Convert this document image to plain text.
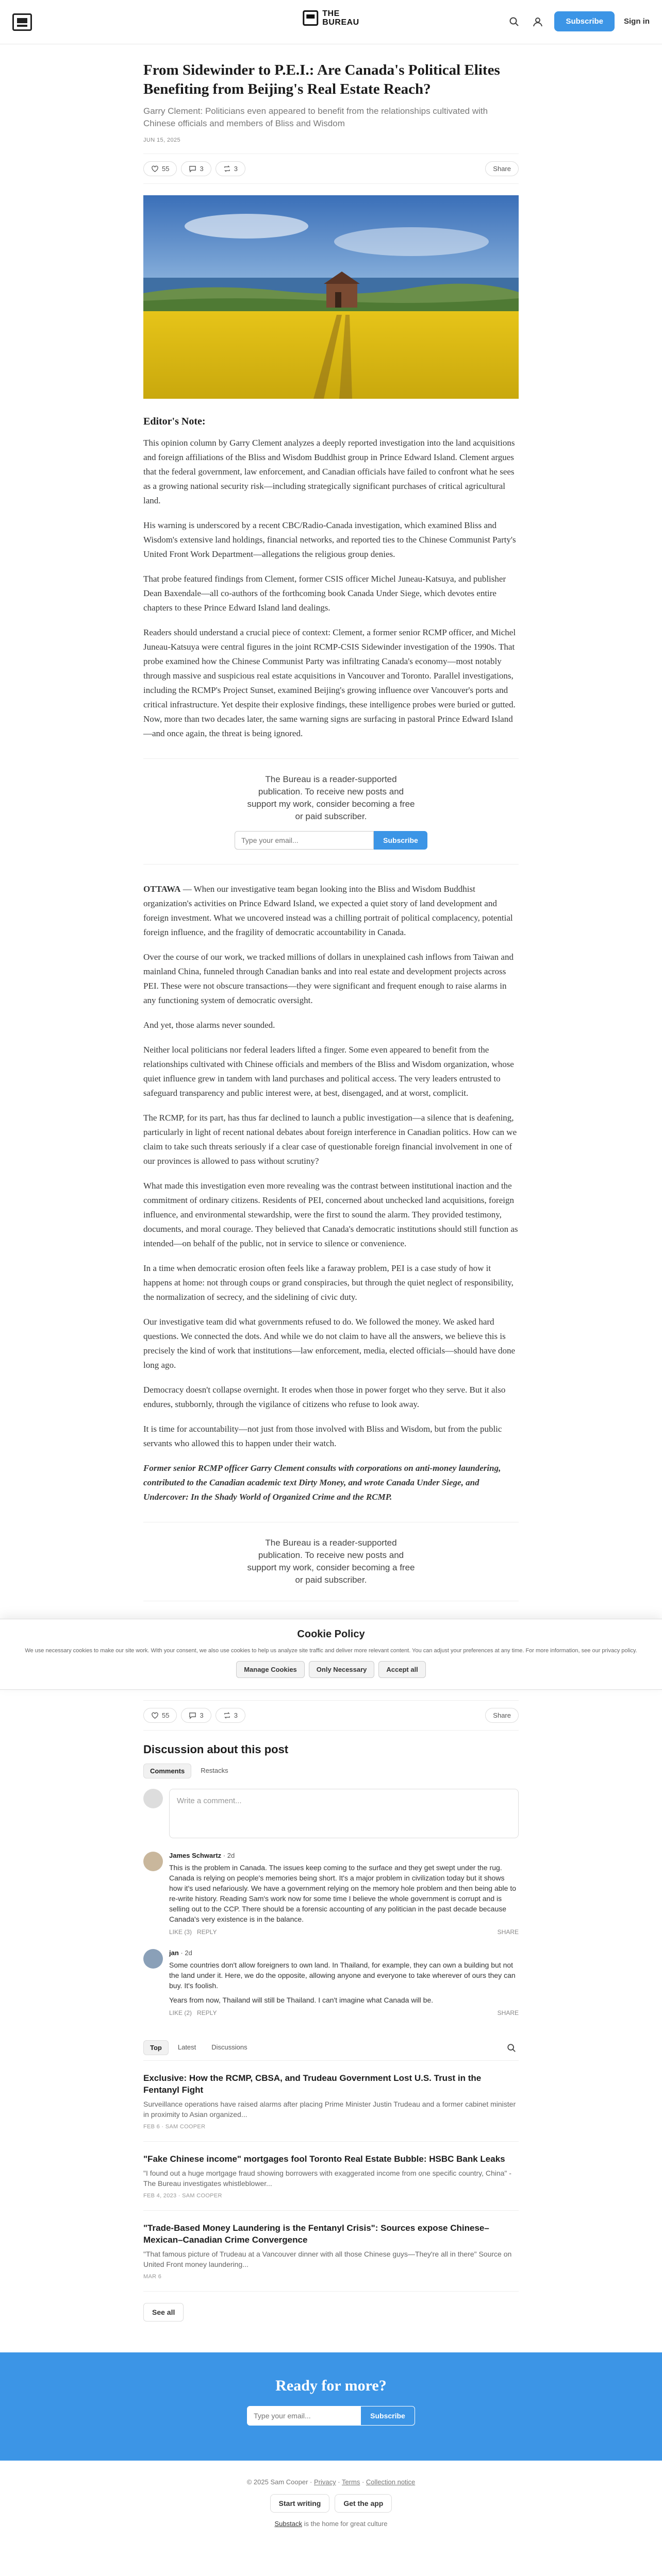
THE
BUREAU	Subscribe	Sign in
From Sidewinder to P.E.I.: Are Canada's Political Elites Benefiting from Beijing's Real Estate Reach?
Garry Clement: Politicians even appeared to benefit from the relationships cultivated with Chinese officials and members of Bliss and Wisdom
JUN 15, 2025
55	3	3	Share
Editor's Note:

This opinion column by Garry Clement analyzes a deeply reported investigation into the land acquisitions and foreign affiliations of the Bliss and Wisdom Buddhist group in Prince Edward Island. Clement argues that the federal government, law enforcement, and Canadian officials have failed to confront what he sees as a growing national security risk—including strategically significant purchases of critical agricultural land.

His warning is underscored by a recent CBC/Radio-Canada investigation, which examined Bliss and Wisdom's extensive land holdings, financial networks, and reported ties to the Chinese Communist Party's United Front Work Department—allegations the religious group denies.

That probe featured findings from Clement, former CSIS officer Michel Juneau-Katsuya, and publisher Dean Baxendale—all co-authors of the forthcoming book Canada Under Siege, which devotes entire chapters to these Prince Edward Island land dealings.

Readers should understand a crucial piece of context: Clement, a former senior RCMP officer, and Michel Juneau-Katsuya were central figures in the joint RCMP-CSIS Sidewinder investigation of the 1990s. That probe examined how the Chinese Communist Party was infiltrating Canada's economy—most notably through massive and suspicious real estate acquisitions in Vancouver and Toronto. Parallel investigations, including the RCMP's Project Sunset, examined Beijing's growing influence over Vancouver's ports and critical infrastructure. Yet despite their explosive findings, these intelligence probes were buried or gutted. Now, more than two decades later, the same warning signs are surfacing in pastoral Prince Edward Island—and once again, the threat is being ignored.

The Bureau is a reader-supported publication. To receive new posts and support my work, consider becoming a free or paid subscriber.
Type your email...
Subscribe

OTTAWA — When our investigative team began looking into the Bliss and Wisdom Buddhist organization's activities on Prince Edward Island, we expected a quiet story of land development and foreign investment. What we uncovered instead was a chilling portrait of political complacency, potential foreign influence, and the fragility of democratic accountability in Canada.

Over the course of our work, we tracked millions of dollars in unexplained cash inflows from Taiwan and mainland China, funneled through Canadian banks and into real estate and development projects across PEI. These were not obscure transactions—they were significant and frequent enough to raise alarms in any functioning system of democratic oversight.

And yet, those alarms never sounded.

Neither local politicians nor federal leaders lifted a finger. Some even appeared to benefit from the relationships cultivated with Chinese officials and members of the Bliss and Wisdom organization, whose quiet influence grew in tandem with land purchases and political access. The very leaders entrusted to safeguard transparency and public interest were, at best, disengaged, and at worst, complicit.

The RCMP, for its part, has thus far declined to launch a public investigation—a silence that is deafening, particularly in light of recent national debates about foreign interference in Canadian politics. How can we claim to take such threats seriously if a clear case of questionable foreign financial involvement in one of our provinces is allowed to pass without scrutiny?

What made this investigation even more revealing was the contrast between institutional inaction and the commitment of ordinary citizens. Residents of PEI, concerned about unchecked land acquisitions, foreign influence, and environmental stewardship, were the first to sound the alarm. They provided testimony, documents, and moral courage. They believed that Canada's democratic institutions should still function as intended—on behalf of the public, not in service to silence or convenience.

In a time when democratic erosion often feels like a faraway problem, PEI is a case study of how it happens at home: not through coups or grand conspiracies, but through the quiet neglect of responsibility, the normalization of secrecy, and the sidelining of civic duty.

Our investigative team did what governments refused to do. We followed the money. We asked hard questions. We connected the dots. And while we do not claim to have all the answers, we believe this is precisely the kind of work that institutions—law enforcement, media, elected officials—should have done long ago.

Democracy doesn't collapse overnight. It erodes when those in power forget who they serve. But it also endures, stubbornly, through the vigilance of citizens who refuse to look away.

It is time for accountability—not just from those involved with Bliss and Wisdom, but from the public servants who allowed this to happen under their watch.

Former senior RCMP officer Garry Clement consults with corporations on anti-money laundering, contributed to the Canadian academic text Dirty Money, and wrote Canada Under Siege, and Undercover: In the Shady World of Organized Crime and the RCMP.

The Bureau is a reader-supported publication. To receive new posts and support my work, consider becoming a free or paid subscriber.
Cookie Policy

We use necessary cookies to make our site work. With your consent, we also use cookies to help us analyze site traffic and deliver more relevant content. You can adjust your preferences at any time. For more information, see our privacy policy.

Manage Cookies	Only Necessary	Accept all
55	3	3	Share
Discussion about this post
Comments	Restacks
Write a comment...
James Schwartz · 2d

This is the problem in Canada. The issues keep coming to the surface and they get swept under the rug. Canada is relying on people's memories being short. It's a major problem in civilization today but it shows how it's used nefariously. We have a government relying on the memory hole problem and then being able to re-write history. Reading Sam's work now for some time I believe the whole government is corrupt and is selling out to the CCP. There should be a forensic accounting of any politician in the past decade because Canada's very existence is in the balance.

LIKE (3) REPLY	SHARE
jan · 2d

Some countries don't allow foreigners to own land. In Thailand, for example, they can own a building but not the land under it. Here, we do the opposite, allowing anyone and everyone to take wherever of ours they can buy. It's foolish.

Years from now, Thailand will still be Thailand. I can't imagine what Canada will be.

LIKE (2) REPLY	SHARE
Top	Latest	Discussions
Exclusive: How the RCMP, CBSA, and Trudeau Government Lost U.S. Trust in the Fentanyl Fight
Surveillance operations have raised alarms after placing Prime Minister Justin Trudeau and a former cabinet minister in proximity to Asian organized...
FEB 6 · SAM COOPER
"Fake Chinese income" mortgages fool Toronto Real Estate Bubble: HSBC Bank Leaks
"I found out a huge mortgage fraud showing borrowers with exaggerated income from one specific country, China" - The Bureau investigates whistleblower...
FEB 4, 2023 · SAM COOPER
"Trade-Based Money Laundering is the Fentanyl Crisis": Sources expose Chinese–Mexican–Canadian Crime Convergence
"That famous picture of Trudeau at a Vancouver dinner with all those Chinese guys—They're all in there" Source on United Front money laundering...
MAR 6
See all
Ready for more?
Type your email...
Subscribe
© 2025 Sam Cooper · Privacy · Terms · Collection notice
Start writing	Get the app
Substack is the home for great culture
